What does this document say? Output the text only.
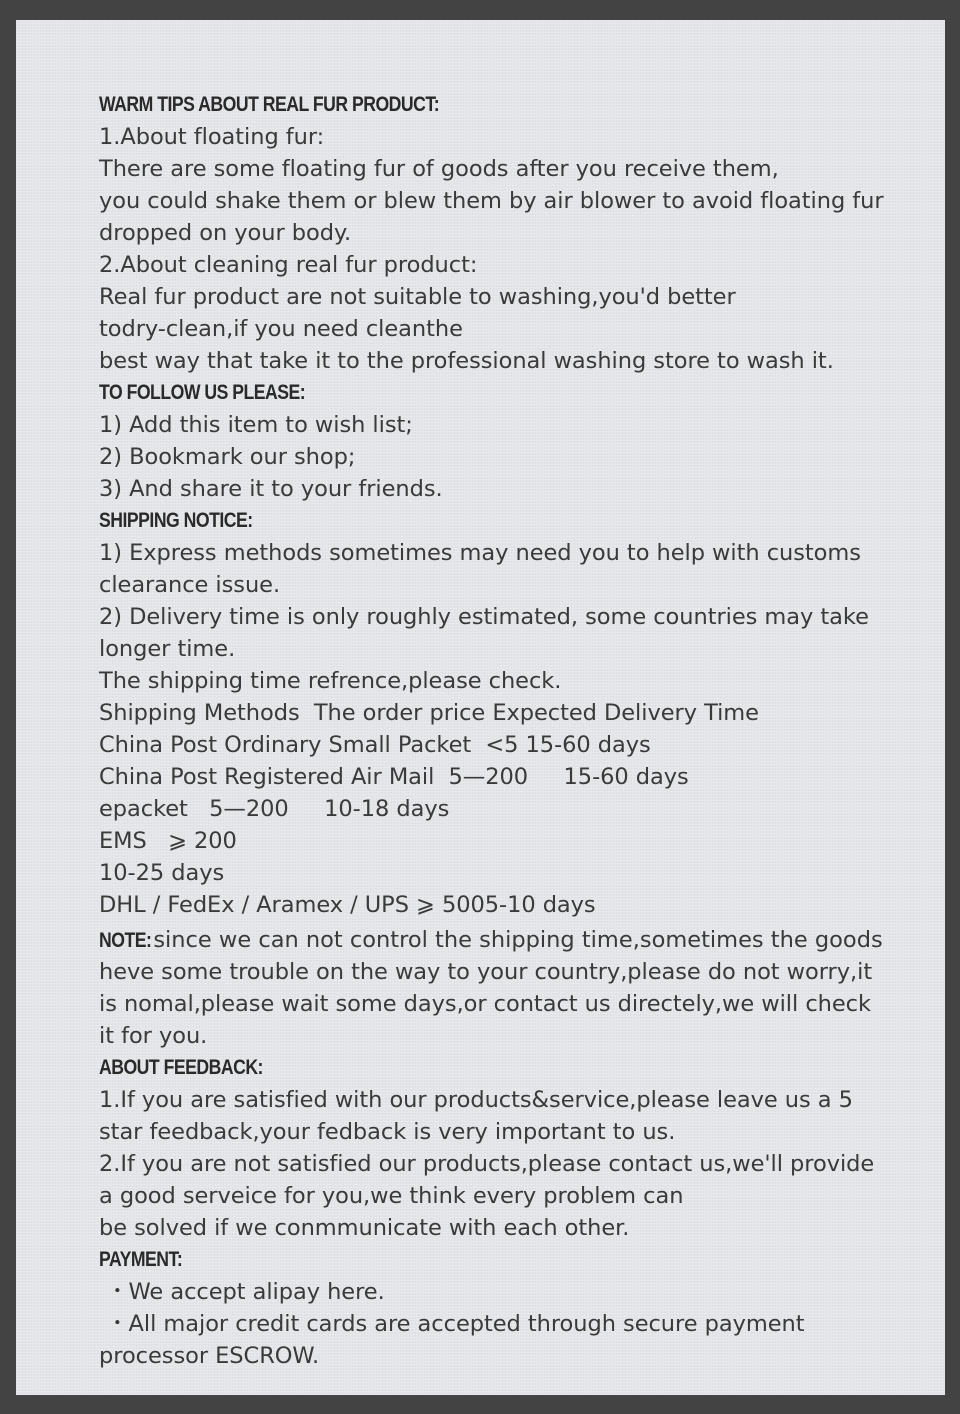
WARM TIPS ABOUT REAL FUR PRODUCT:
1.About floating fur:
There are some floating fur of goods after you receive them,
you could shake them or blew them by air blower to avoid floating fur
dropped on your body.
2.About cleaning real fur product:
Real fur product are not suitable to washing,you'd better
todry-clean,if you need cleanthe
best way that take it to the professional washing store to wash it.
TO FOLLOW US PLEASE:
1) Add this item to wish list;
2) Bookmark our shop;
3) And share it to your friends.
SHIPPING NOTICE:
1) Express methods sometimes may need you to help with customs
clearance issue.
2) Delivery time is only roughly estimated, some countries may take
longer time.
The shipping time refrence,please check.
Shipping Methods  The order price Expected Delivery Time
China Post Ordinary Small Packet  <5 15-60 days
China Post Registered Air Mail  5—200     15-60 days
epacket   5—200     10-18 days
EMS   ⩾ 200
10-25 days
DHL / FedEx / Aramex / UPS ⩾ 5005-10 days
NOTE:since we can not control the shipping time,sometimes the goods
heve some trouble on the way to your country,please do not worry,it
is nomal,please wait some days,or contact us directely,we will check
it for you.
ABOUT FEEDBACK:
1.If you are satisfied with our products&service,please leave us a 5
star feedback,your fedback is very important to us.
2.If you are not satisfied our products,please contact us,we'll provide
a good serveice for you,we think every problem can
be solved if we conmmunicate with each other.
PAYMENT:
・We accept alipay here.
・All major credit cards are accepted through secure payment
processor ESCROW.
